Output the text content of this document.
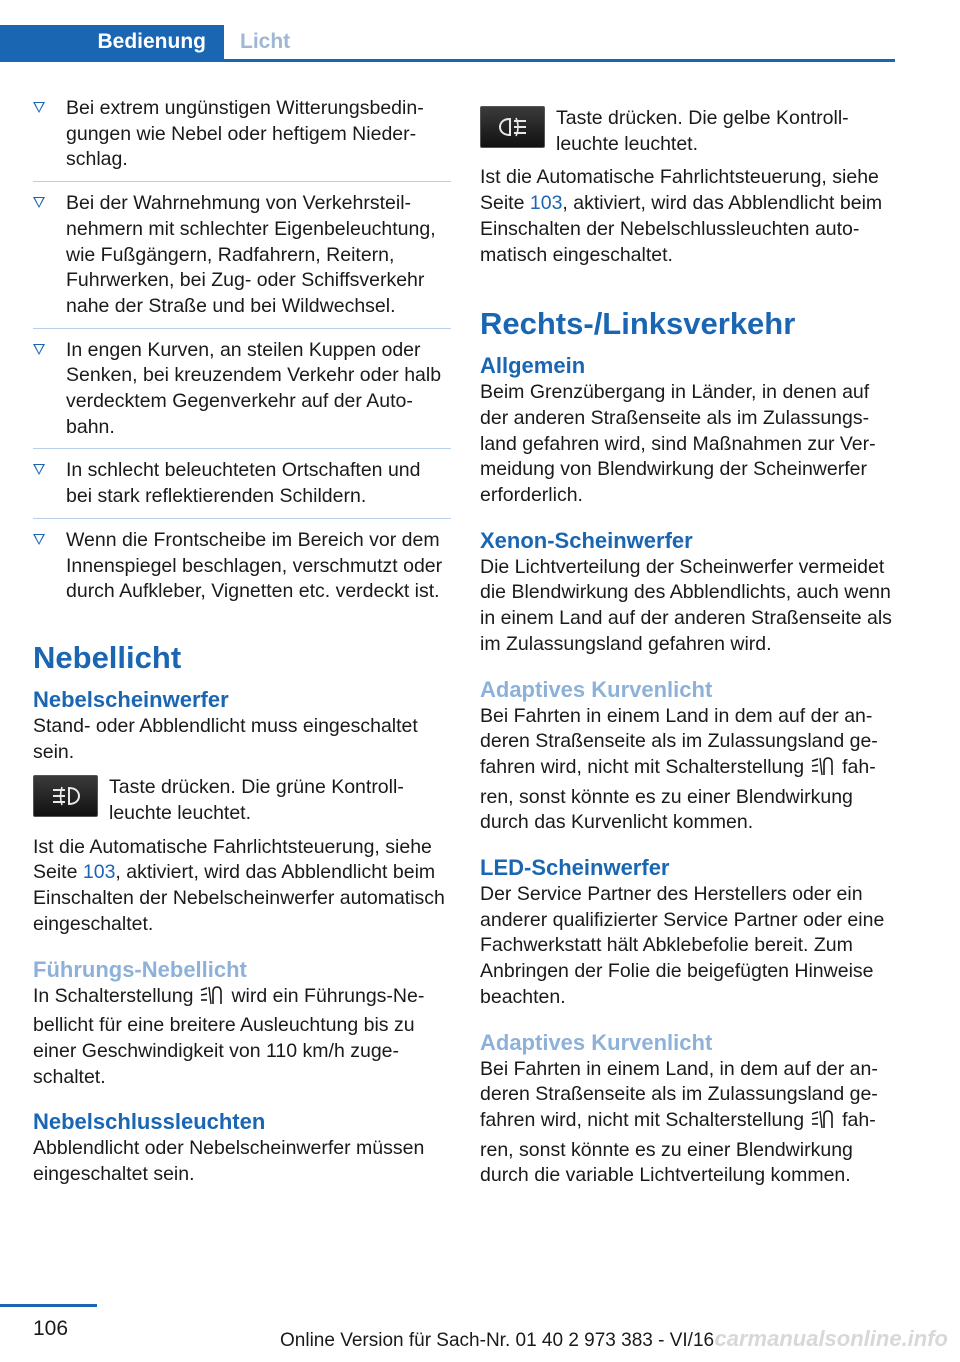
Bedienung Licht
Bei extrem ungünstigen Witterungsbedingungen wie Nebel oder heftigem Niederschlag.
Bei der Wahrnehmung von Verkehrsteilnehmern mit schlechter Eigenbeleuchtung, wie Fußgängern, Radfahrern, Reitern, Fuhrwerken, bei Zug- oder Schiffsverkehr nahe der Straße und bei Wildwechsel.
In engen Kurven, an steilen Kuppen oder Senken, bei kreuzendem Verkehr oder halb verdecktem Gegenverkehr auf der Autobahn.
In schlecht beleuchteten Ortschaften und bei stark reflektierenden Schildern.
Wenn die Frontscheibe im Bereich vor dem Innenspiegel beschlagen, verschmutzt oder durch Aufkleber, Vignetten etc. verdeckt ist.
Nebellicht
Nebelscheinwerfer

Stand- oder Abblendlicht muss eingeschaltet sein.

Taste drücken. Die grüne Kontrollleuchte leuchtet.

Ist die Automatische Fahrlichtsteuerung, siehe Seite 103, aktiviert, wird das Abblendlicht beim Einschalten der Nebelscheinwerfer automatisch eingeschaltet.

Führungs-Nebellicht

In Schalterstellung wird ein Führungs-Nebellicht für eine breitere Ausleuchtung bis zu einer Geschwindigkeit von 110 km/h zugeschaltet.

Nebelschlussleuchten

Abblendlicht oder Nebelscheinwerfer müssen eingeschaltet sein.

Taste drücken. Die gelbe Kontrollleuchte leuchtet.

Ist die Automatische Fahrlichtsteuerung, siehe Seite 103, aktiviert, wird das Abblendlicht beim Einschalten der Nebelschlussleuchten automatisch eingeschaltet.

Rechts-/Linksverkehr
Allgemein

Beim Grenzübergang in Länder, in denen auf der anderen Straßenseite als im Zulassungsland gefahren wird, sind Maßnahmen zur Vermeidung von Blendwirkung der Scheinwerfer erforderlich.

Xenon-Scheinwerfer

Die Lichtverteilung der Scheinwerfer vermeidet die Blendwirkung des Abblendlichts, auch wenn in einem Land auf der anderen Straßenseite als im Zulassungsland gefahren wird.

Adaptives Kurvenlicht

Bei Fahrten in einem Land in dem auf der anderen Straßenseite als im Zulassungsland gefahren wird, nicht mit Schalterstellung fahren, sonst könnte es zu einer Blendwirkung durch das Kurvenlicht kommen.

LED-Scheinwerfer

Der Service Partner des Herstellers oder ein anderer qualifizierter Service Partner oder eine Fachwerkstatt hält Abklebefolie bereit. Zum Anbringen der Folie die beigefügten Hinweise beachten.

Adaptives Kurvenlicht

Bei Fahrten in einem Land, in dem auf der anderen Straßenseite als im Zulassungsland gefahren wird, nicht mit Schalterstellung fahren, sonst könnte es zu einer Blendwirkung durch die variable Lichtverteilung kommen.

106
Online Version für Sach-Nr. 01 40 2 973 383 - VI/16 carmanualsonline.info
